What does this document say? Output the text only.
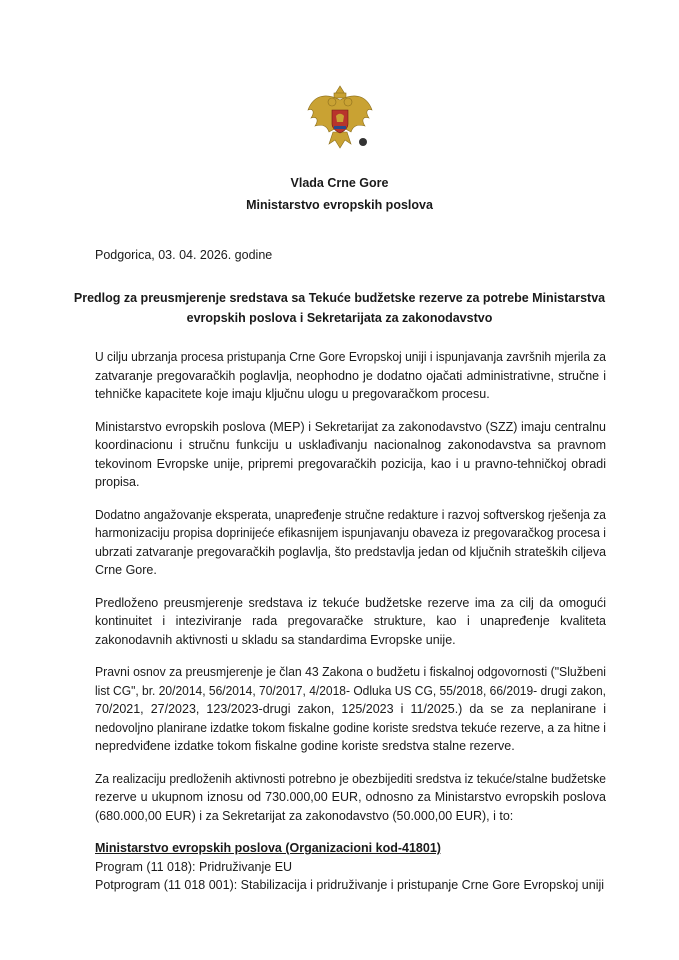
Vlada Crne Gore
Ministarstvo evropskih poslova
Podgorica, 03. 04. 2026. godine
Predlog za preusmjerenje sredstava sa Tekuće budžetske rezerve za potrebe Ministarstva
evropskih poslova i Sekretarijata za zakonodavstvo
U cilju ubrzanja procesa pristupanja Crne Gore Evropskoj uniji i ispunjavanja završnih mjerila za
zatvaranje pregovaračkih poglavlja, neophodno je dodatno ojačati administrativne, stručne i
tehničke kapacitete koje imaju ključnu ulogu u pregovaračkom procesu.
Ministarstvo evropskih poslova (MEP) i Sekretarijat za zakonodavstvo (SZZ) imaju centralnu
koordinacionu i stručnu funkciju u usklađivanju nacionalnog zakonodavstva sa pravnom
tekovinom Evropske unije, pripremi pregovaračkih pozicija, kao i u pravno-tehničkoj obradi
propisa.
Dodatno angažovanje eksperata, unapređenje stručne redakture i razvoj softverskog rješenja za
harmonizaciju propisa doprinijeće efikasnijem ispunjavanju obaveza iz pregovaračkog procesa i
ubrzati zatvaranje pregovaračkih poglavlja, što predstavlja jedan od ključnih strateških ciljeva
Crne Gore.
Predloženo preusmjerenje sredstava iz tekuće budžetske rezerve ima za cilj da omogući
kontinuitet i inteziviranje rada pregovaračke strukture, kao i unapređenje kvaliteta
zakonodavnih aktivnosti u skladu sa standardima Evropske unije.
Pravni osnov za preusmjerenje je član 43 Zakona o budžetu i fiskalnoj odgovornosti ("Službeni
list CG", br. 20/2014, 56/2014, 70/2017, 4/2018- Odluka US CG, 55/2018, 66/2019- drugi zakon,
70/2021, 27/2023, 123/2023-drugi zakon, 125/2023 i 11/2025.) da se za neplanirane i
nedovoljno planirane izdatke tokom fiskalne godine koriste sredstva tekuće rezerve, a za hitne i
nepredviđene izdatke tokom fiskalne godine koriste sredstva stalne rezerve.
Za realizaciju predloženih aktivnosti potrebno je obezbijediti sredstva iz tekuće/stalne budžetske
rezerve u ukupnom iznosu od 730.000,00 EUR, odnosno za Ministarstvo evropskih poslova
(680.000,00 EUR) i za Sekretarijat za zakonodavstvo (50.000,00 EUR), i to:
Ministarstvo evropskih poslova (Organizacioni kod-41801)
Program (11 018): Pridruživanje EU
Potprogram (11 018 001): Stabilizacija i pridruživanje i pristupanje Crne Gore Evropskoj uniji
